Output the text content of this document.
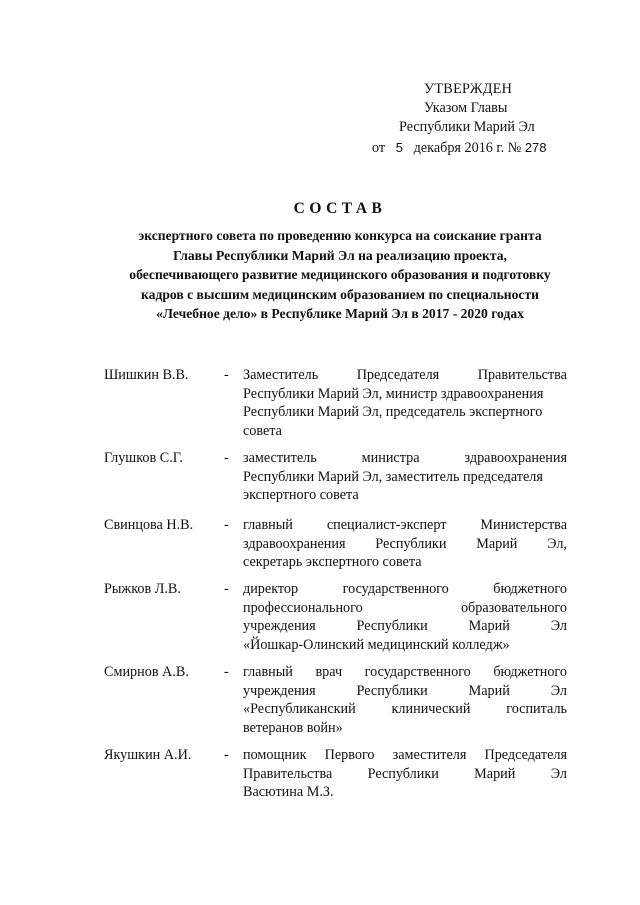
УТВЕРЖДЕН
Указом Главы
Республики Марий Эл
от 5 декабря 2016 г. № 278
СОСТАВ
экспертного совета по проведению конкурса на соискание гранта
Главы Республики Марий Эл на реализацию проекта,
обеспечивающего развитие медицинского образования и подготовку
кадров с высшим медицинским образованием по специальности
«Лечебное дело» в Республике Марий Эл в 2017 - 2020 годах
Шишкин В.В.	- Заместитель	Председателя	Правительства
Республики Марий Эл, министр здравоохранения
Республики Марий Эл, председатель экспертного
совета
Глушков С.Г.	- заместитель	министра	здравоохранения
Республики Марий Эл, заместитель председателя
экспертного совета
Свинцова Н.В. - главный специалист-эксперт Министерства
здравоохранения Республики Марий Эл,
секретарь экспертного совета
Рыжков Л.В.	- директор	государственного	бюджетного
профессионального	образовательного
учреждения	Республики	Марий	Эл
«Йошкар-Олинский медицинский колледж»
Смирнов А.В. - главный врач государственного бюджетного
учреждения	Республики	Марий	Эл
«Республиканский	клинический	госпиталь
ветеранов войн»
Якушкин А.И. - помощник Первого заместителя Председателя
Правительства Республики Марий Эл
Васютина М.З.
